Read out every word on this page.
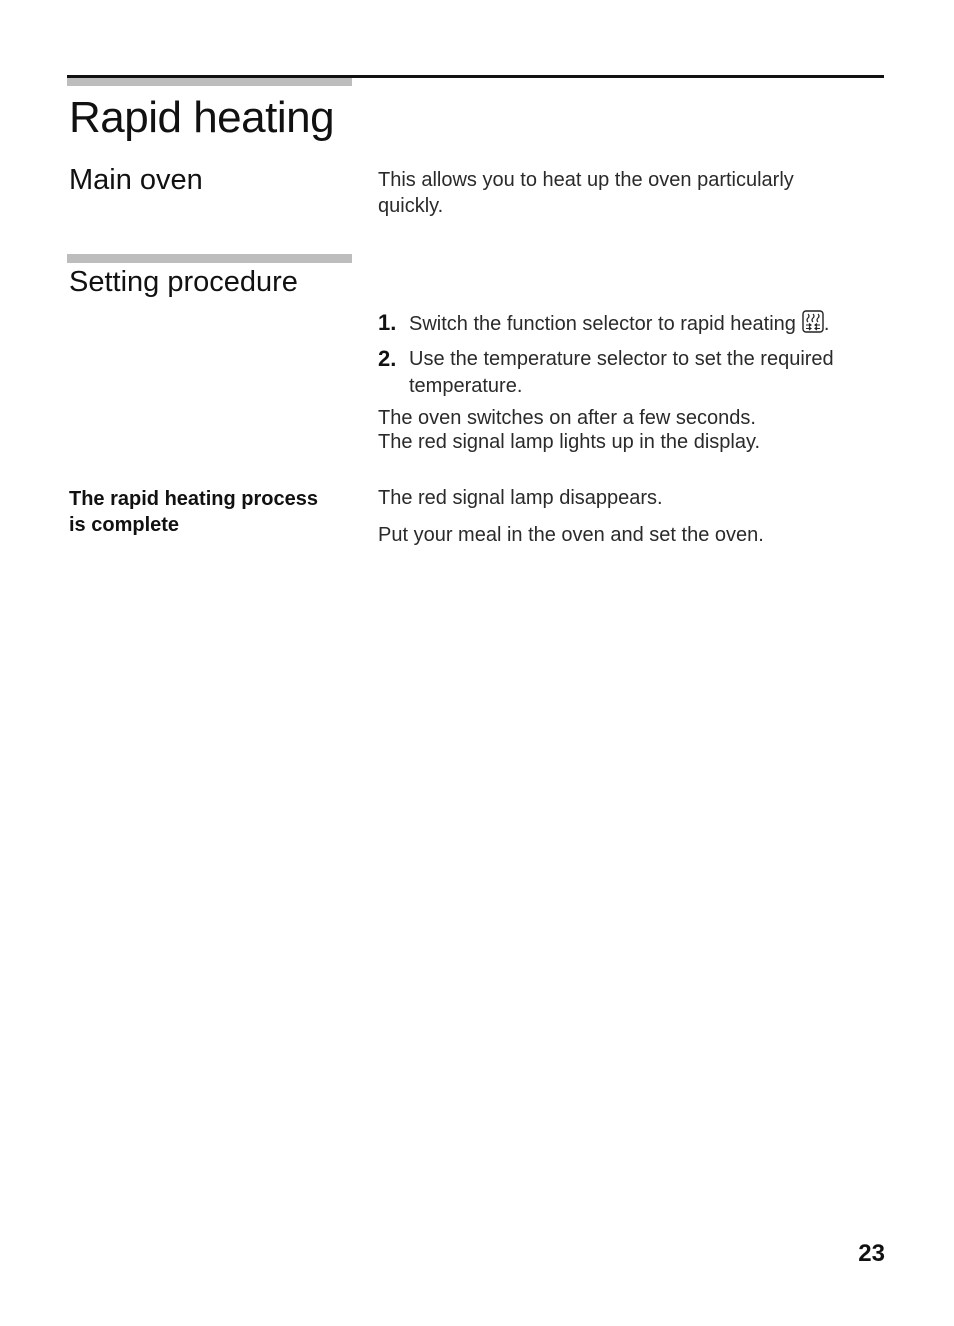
Rapid heating
Main oven	This allows you to heat up the oven particularly

quickly.

Setting procedure
1. Switch the function selector to rapid heating .
2. Use the temperature selector to set the required
temperature.

The oven switches on after a few seconds.

The red signal lamp lights up in the display.

The rapid heating process
is complete

The red signal lamp disappears.

Put your meal in the oven and set the oven.

23
